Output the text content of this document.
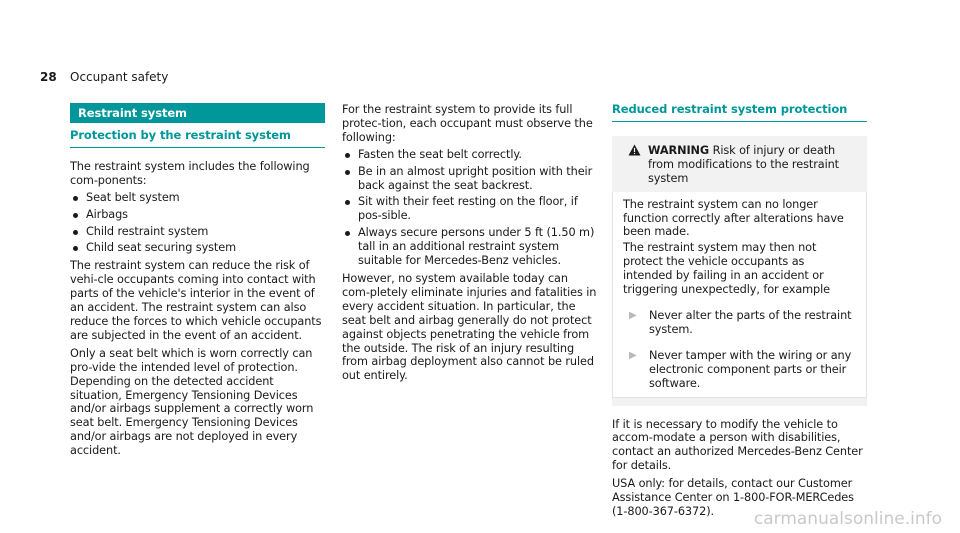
28	Occupant safety
Restraint system
Protection by the restraint system

The restraint system includes the following com-ponents:

Seat belt system
Airbags
Child restraint system
Child seat securing system

The restraint system can reduce the risk of vehi-cle occupants coming into contact with parts of the vehicle's interior in the event of an accident. The restraint system can also reduce the forces to which vehicle occupants are subjected in the event of an accident.

Only a seat belt which is worn correctly can pro-vide the intended level of protection. Depending on the detected accident situation, Emergency Tensioning Devices and/or airbags supplement a correctly worn seat belt. Emergency Tensioning Devices and/or airbags are not deployed in every accident.

For the restraint system to provide its full protec-tion, each occupant must observe the following:

Fasten the seat belt correctly.
Be in an almost upright position with their back against the seat backrest.
Sit with their feet resting on the floor, if pos-sible.
Always secure persons under 5 ft (1.50 m) tall in an additional restraint system suitable for Mercedes-Benz vehicles.

However, no system available today can com-pletely eliminate injuries and fatalities in every accident situation. In particular, the seat belt and airbag generally do not protect against objects penetrating the vehicle from the outside. The risk of an injury resulting from airbag deployment also cannot be ruled out entirely.

Reduced restraint system protection
WARNING Risk of injury or death from modifications to the restraint system

The restraint system can no longer function correctly after alterations have been made.

The restraint system may then not protect the vehicle occupants as intended by failing in an accident or triggering unexpectedly, for example

▶	Never alter the parts of the restraint system.
▶	Never tamper with the wiring or any electronic component parts or their software.

If it is necessary to modify the vehicle to accom-modate a person with disabilities, contact an authorized Mercedes-Benz Center for details.

USA only: for details, contact our Customer Assistance Center on 1-800-FOR-MERCedes (1-800-367-6372).	carmanualsonline.info
